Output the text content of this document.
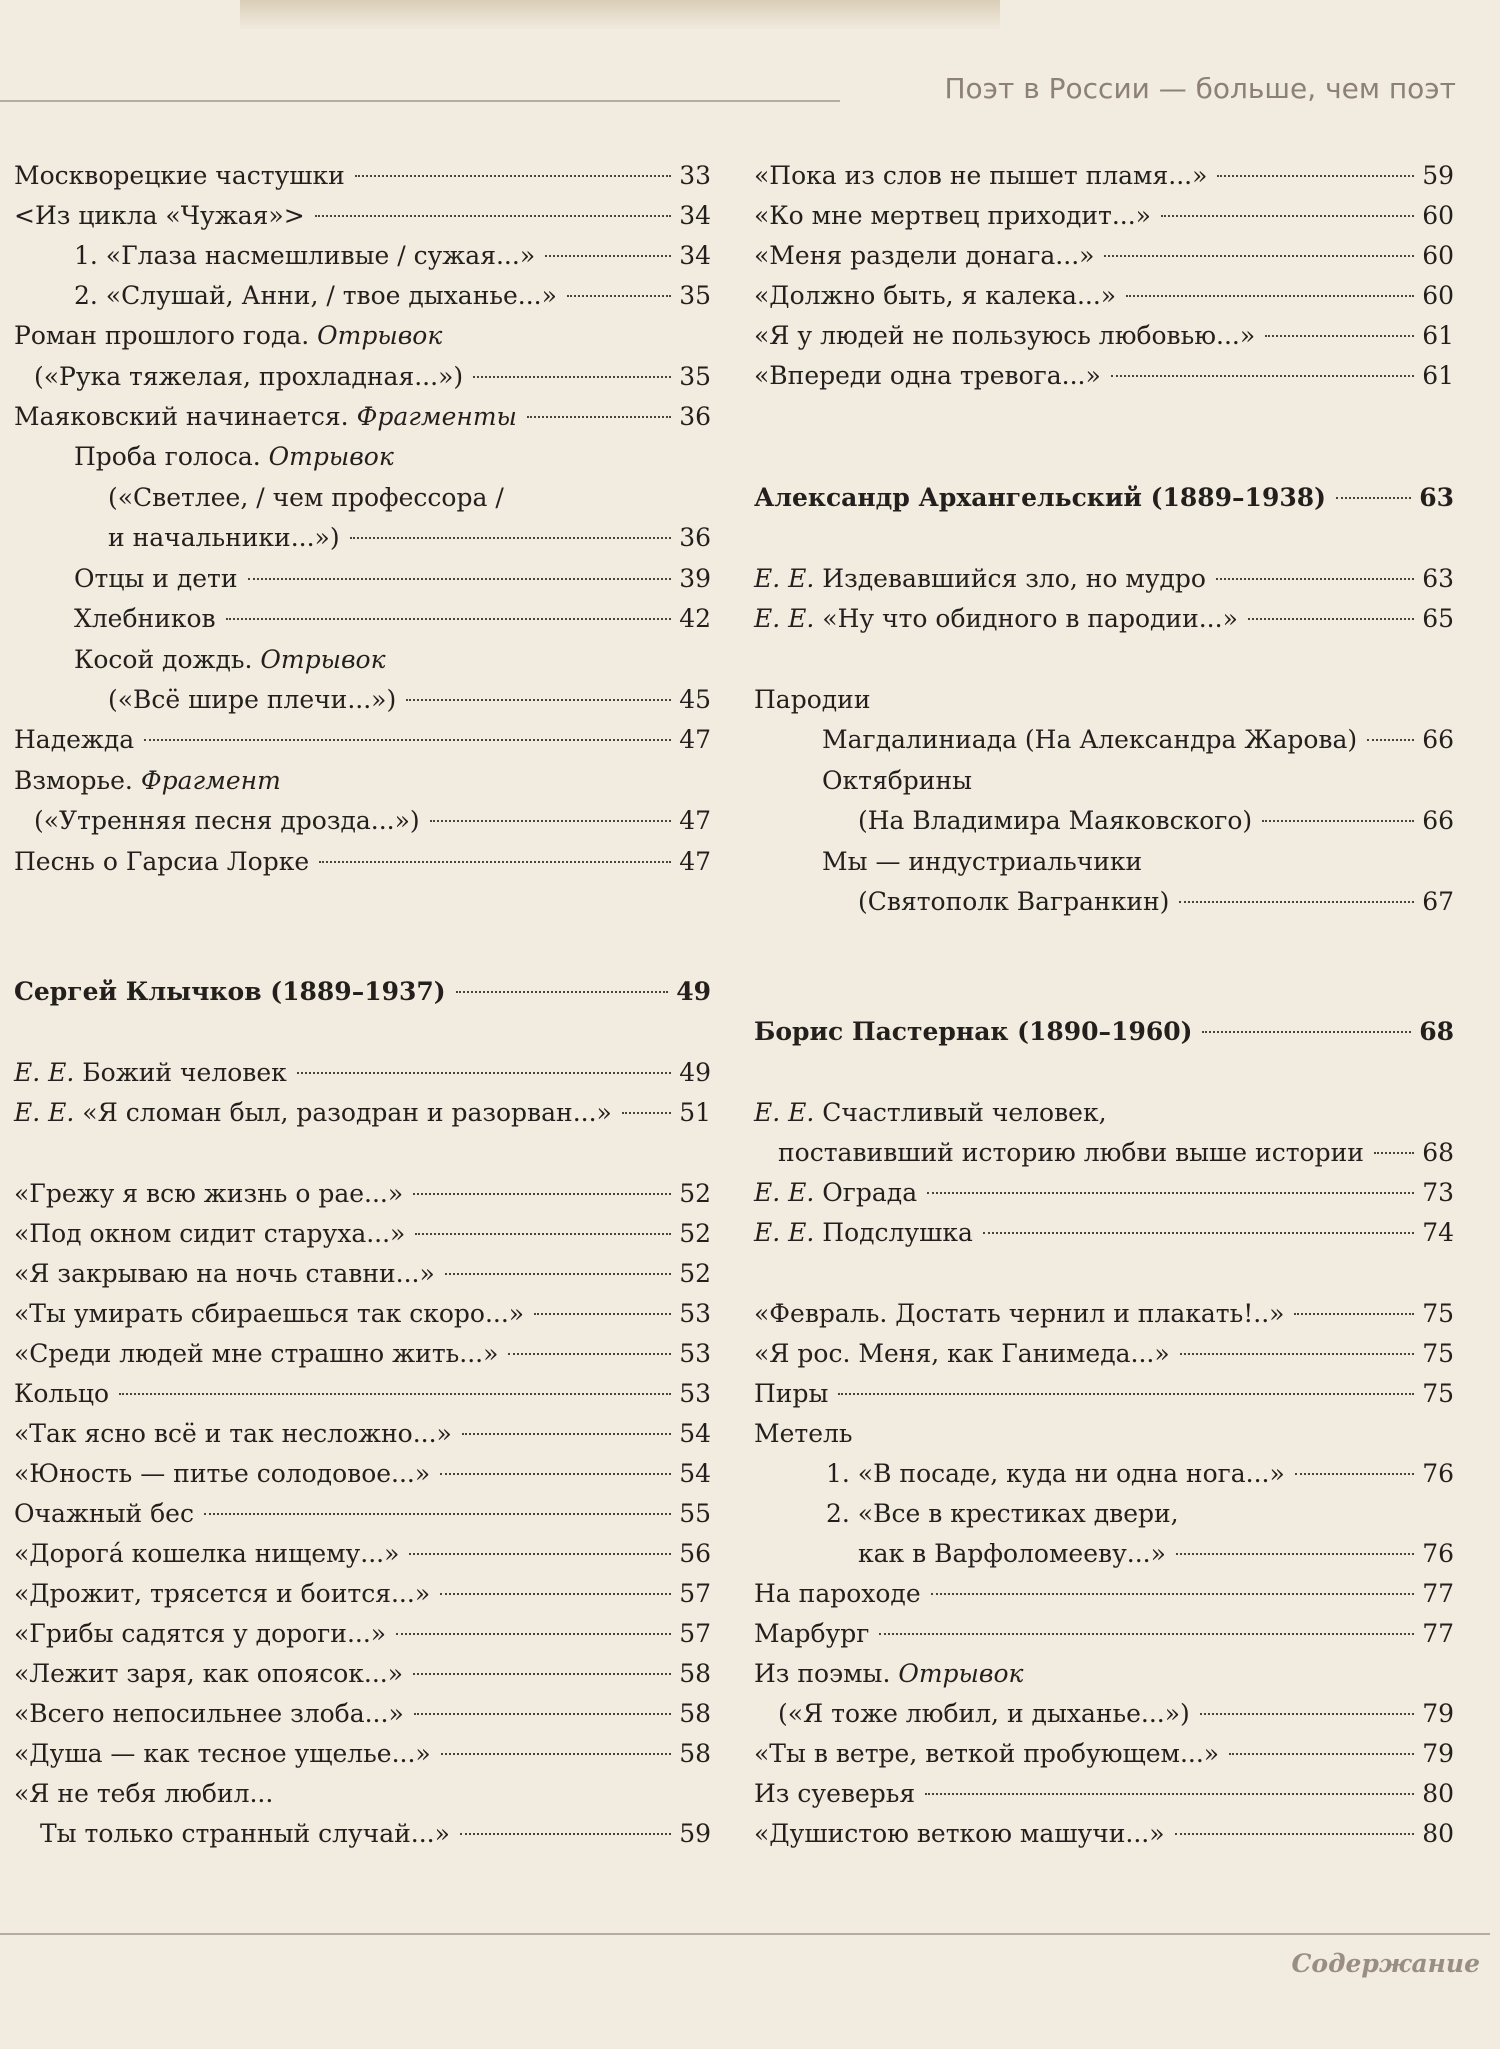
Поэт в России — больше, чем поэт
Москворецкие частушки	33
<Из цикла «Чужая»>	34
1. «Глаза насмешливые / сужая...»	34
2. «Слушай, Анни, / твое дыханье...»	35
Роман прошлого года. Отрывок
(«Рука тяжелая, прохладная...»)	35
Маяковский начинается. Фрагменты	36
Проба голоса. Отрывок
(«Светлее, / чем профессора /
и начальники...»)	36
Отцы и дети	39
Хлебников	42
Косой дождь. Отрывок
(«Всё шире плечи...»)	45
Надежда	47
Взморье. Фрагмент
(«Утренняя песня дрозда...»)	47
Песнь о Гарсиа Лорке	47
Сергей Клычков (1889–1937)	49
Е. Е. Божий человек	49
Е. Е. «Я сломан был, разодран и разорван...»	51
«Грежу я всю жизнь о рае...»	52
«Под окном сидит старуха...»	52
«Я закрываю на ночь ставни...»	52
«Ты умирать сбираешься так скоро...»	53
«Среди людей мне страшно жить...»	53
Кольцо	53
«Так ясно всё и так несложно...»	54
«Юность — питье солодовое...»	54
Очажный бес	55
«Дорогá кошелка нищему...»	56
«Дрожит, трясется и боится...»	57
«Грибы садятся у дороги...»	57
«Лежит заря, как опоясок...»	58
«Всего непосильнее злоба...»	58
«Душа — как тесное ущелье...»	58
«Я не тебя любил...
Ты только странный случай...»	59
«Пока из слов не пышет пламя...»	59
«Ко мне мертвец приходит...»	60
«Меня раздели донага...»	60
«Должно быть, я калека...»	60
«Я у людей не пользуюсь любовью...»	61
«Впереди одна тревога...»	61
Александр Архангельский (1889–1938)	63
Е. Е. Издевавшийся зло, но мудро	63
Е. Е. «Ну что обидного в пародии...»	65
Пародии
Магдалиниада (На Александра Жарова)	66
Октябрины
(На Владимира Маяковского)	66
Мы — индустриальчики
(Святополк Вагранкин)	67
Борис Пастернак (1890–1960)	68
Е. Е. Счастливый человек,
поставивший историю любви выше истории 68
Е. Е. Ограда	73
Е. Е. Подслушка	74
«Февраль. Достать чернил и плакать!..»	75
«Я рос. Меня, как Ганимеда...»	75
Пиры	75
Метель
1. «В посаде, куда ни одна нога...»	76
2. «Все в крестиках двери,
как в Варфоломееву...»	76
На пароходе	77
Марбург	77
Из поэмы. Отрывок
(«Я тоже любил, и дыханье...»)	79
«Ты в ветре, веткой пробующем...»	79
Из суеверья	80
«Душистою веткою машучи...»	80

Содержание
